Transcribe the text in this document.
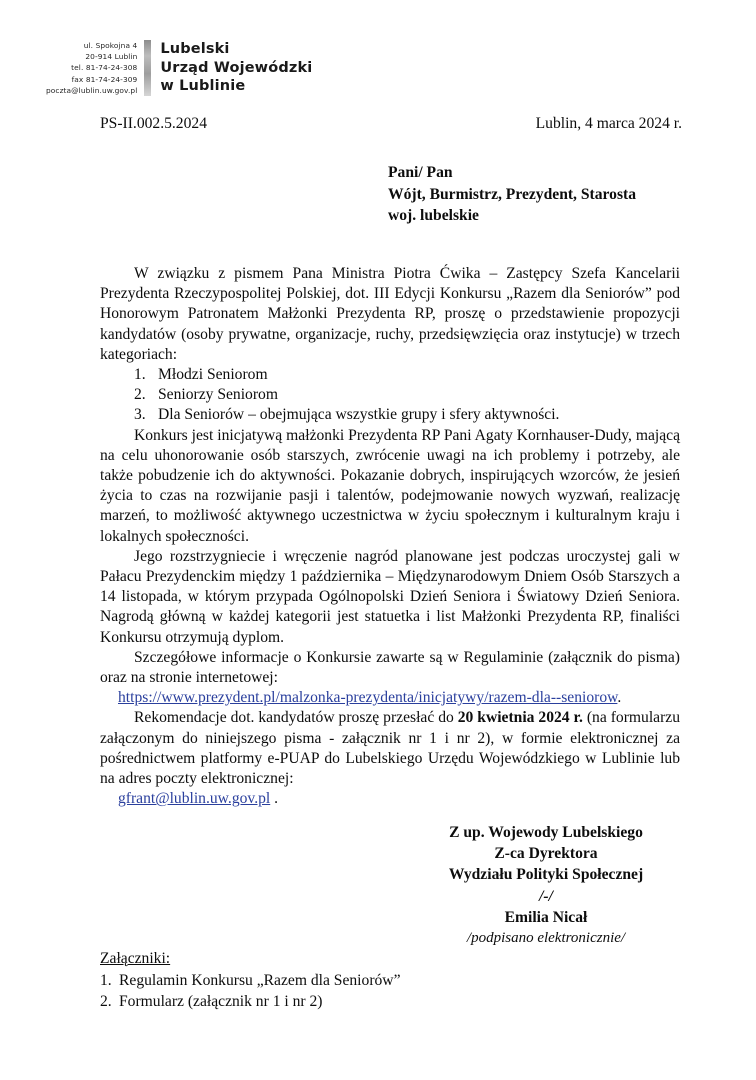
ul. Spokojna 4
20-914 Lublin
tel. 81-74-24-308
fax 81-74-24-309
poczta@lublin.uw.gov.pl
Lubelski
Urząd Wojewódzki
w Lublinie
PS-II.002.5.2024	Lublin, 4 marca 2024 r.
Pani/ Pan
Wójt, Burmistrz, Prezydent, Starosta
woj. lubelskie

W związku z pismem Pana Ministra Piotra Ćwika – Zastępcy Szefa Kancelarii Prezydenta Rzeczypospolitej Polskiej, dot. III Edycji Konkursu „Razem dla Seniorów” pod Honorowym Patronatem Małżonki Prezydenta RP, proszę o przedstawienie propozycji kandydatów (osoby prywatne, organizacje, ruchy, przedsięwzięcia oraz instytucje) w trzech kategoriach:

1. Młodzi Seniorom
2. Seniorzy Seniorom
3. Dla Seniorów – obejmująca wszystkie grupy i sfery aktywności.

Konkurs jest inicjatywą małżonki Prezydenta RP Pani Agaty Kornhauser-Dudy, mającą na celu uhonorowanie osób starszych, zwrócenie uwagi na ich problemy i potrzeby, ale także pobudzenie ich do aktywności. Pokazanie dobrych, inspirujących wzorców, że jesień życia to czas na rozwijanie pasji i talentów, podejmowanie nowych wyzwań, realizację marzeń, to możliwość aktywnego uczestnictwa w życiu społecznym i kulturalnym kraju i lokalnych społeczności.

Jego rozstrzygniecie i wręczenie nagród planowane jest podczas uroczystej gali w Pałacu Prezydenckim między 1 października – Międzynarodowym Dniem Osób Starszych a 14 listopada, w którym przypada Ogólnopolski Dzień Seniora i Światowy Dzień Seniora. Nagrodą główną w każdej kategorii jest statuetka i list Małżonki Prezydenta RP, finaliści Konkursu otrzymują dyplom.

Szczegółowe informacje o Konkursie zawarte są w Regulaminie (załącznik do pisma) oraz na stronie internetowej:

https://www.prezydent.pl/malzonka-prezydenta/inicjatywy/razem-dla--seniorow.

Rekomendacje dot. kandydatów proszę przesłać do 20 kwietnia 2024 r. (na formularzu załączonym do niniejszego pisma - załącznik nr 1 i nr 2), w formie elektronicznej za pośrednictwem platformy e-PUAP do Lubelskiego Urzędu Wojewódzkiego w Lublinie lub na adres poczty elektronicznej:

gfrant@lublin.uw.gov.pl .

Z up. Wojewody Lubelskiego
Z-ca Dyrektora
Wydziału Polityki Społecznej
/-/
Emilia Nicał
/podpisano elektronicznie/
Załączniki:
1. Regulamin Konkursu „Razem dla Seniorów”
2. Formularz (załącznik nr 1 i nr 2)
